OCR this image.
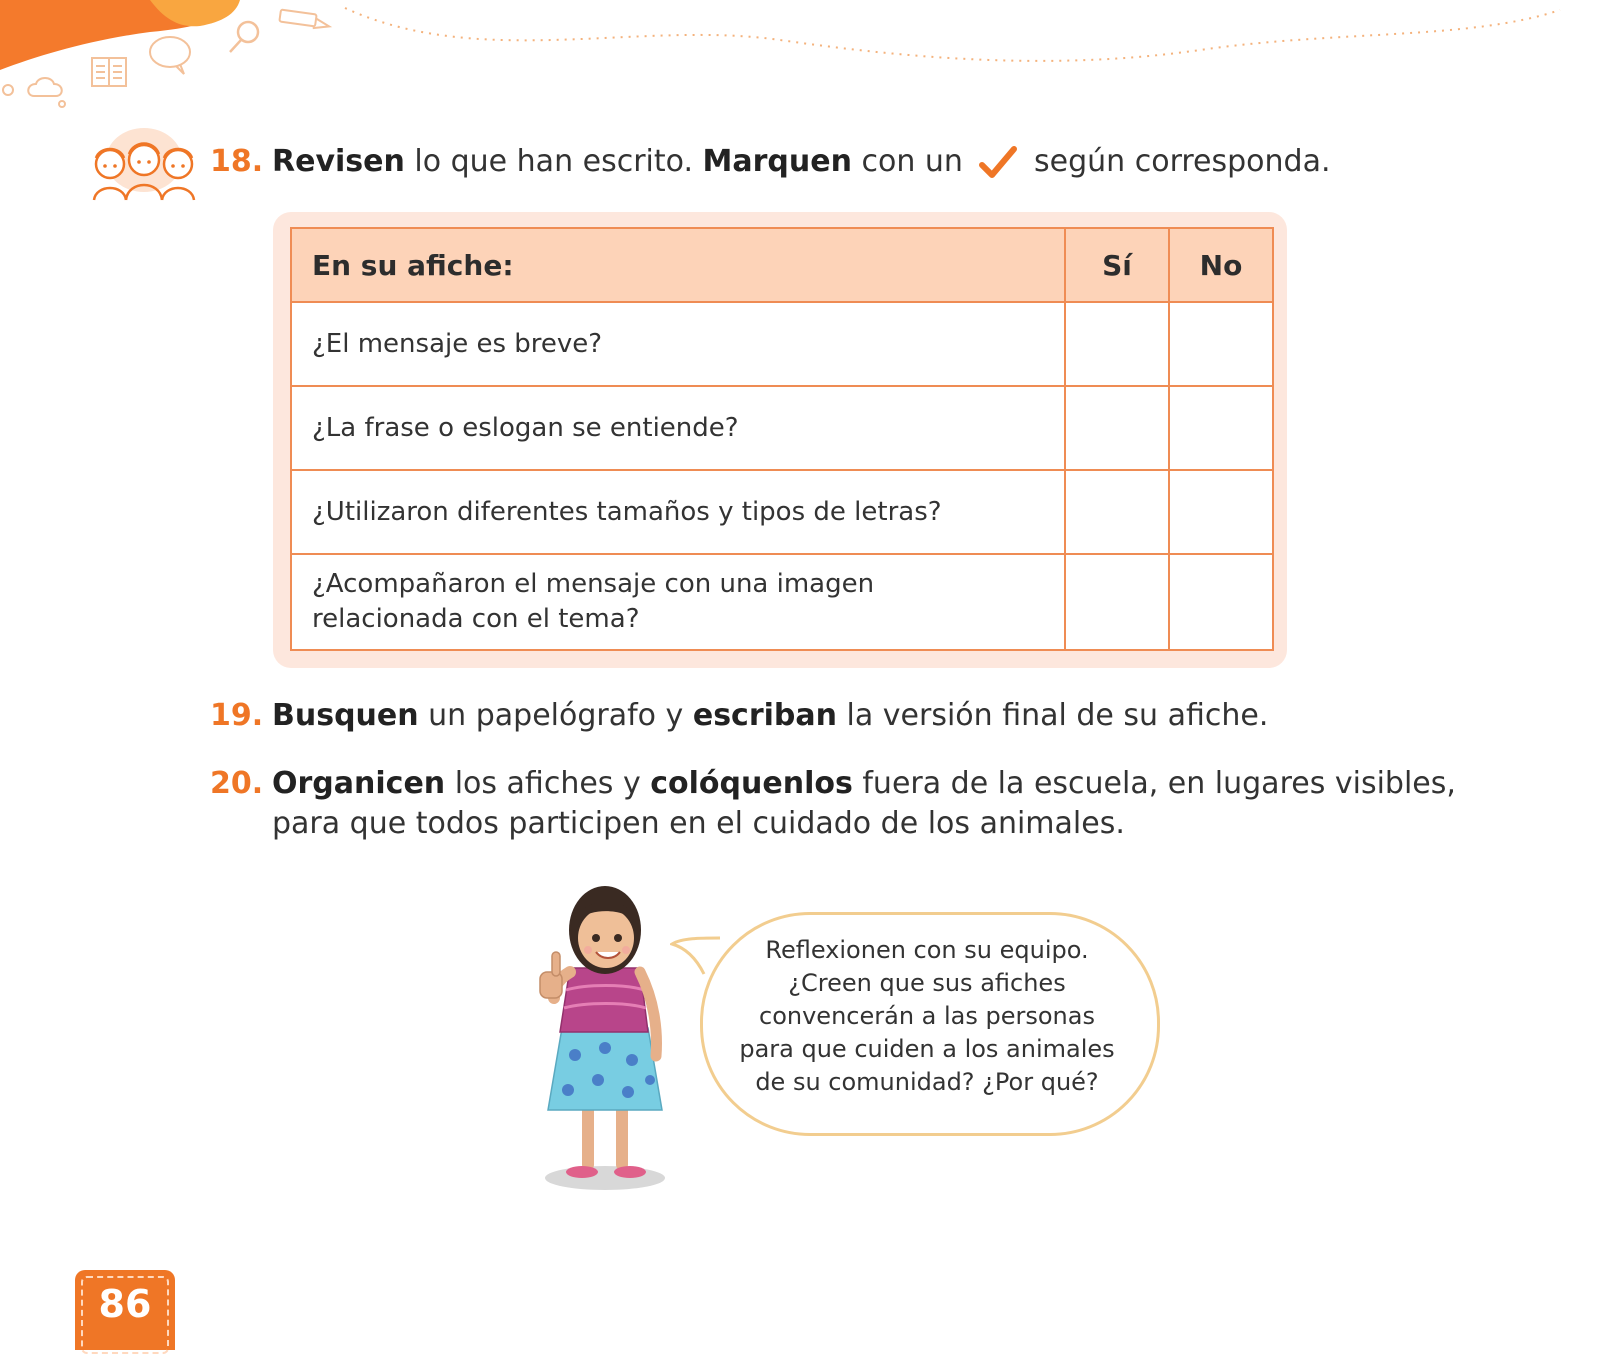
18. Revisen lo que han escrito. Marquen con un según corresponda.
En su afiche:	Sí	No
¿El mensaje es breve?		
¿La frase o eslogan se entiende?		
¿Utilizaron diferentes tamaños y tipos de letras?		
¿Acompañaron el mensaje con una imagen
relacionada con el tema?		
19. Busquen un papelógrafo y escriban la versión final de su afiche.
20. Organicen los afiches y colóquenlos fuera de la escuela, en lugares visibles,
para que todos participen en el cuidado de los animales.
Reflexionen con su equipo.
¿Creen que sus afiches
convencerán a las personas
para que cuiden a los animales
de su comunidad? ¿Por qué?
86
